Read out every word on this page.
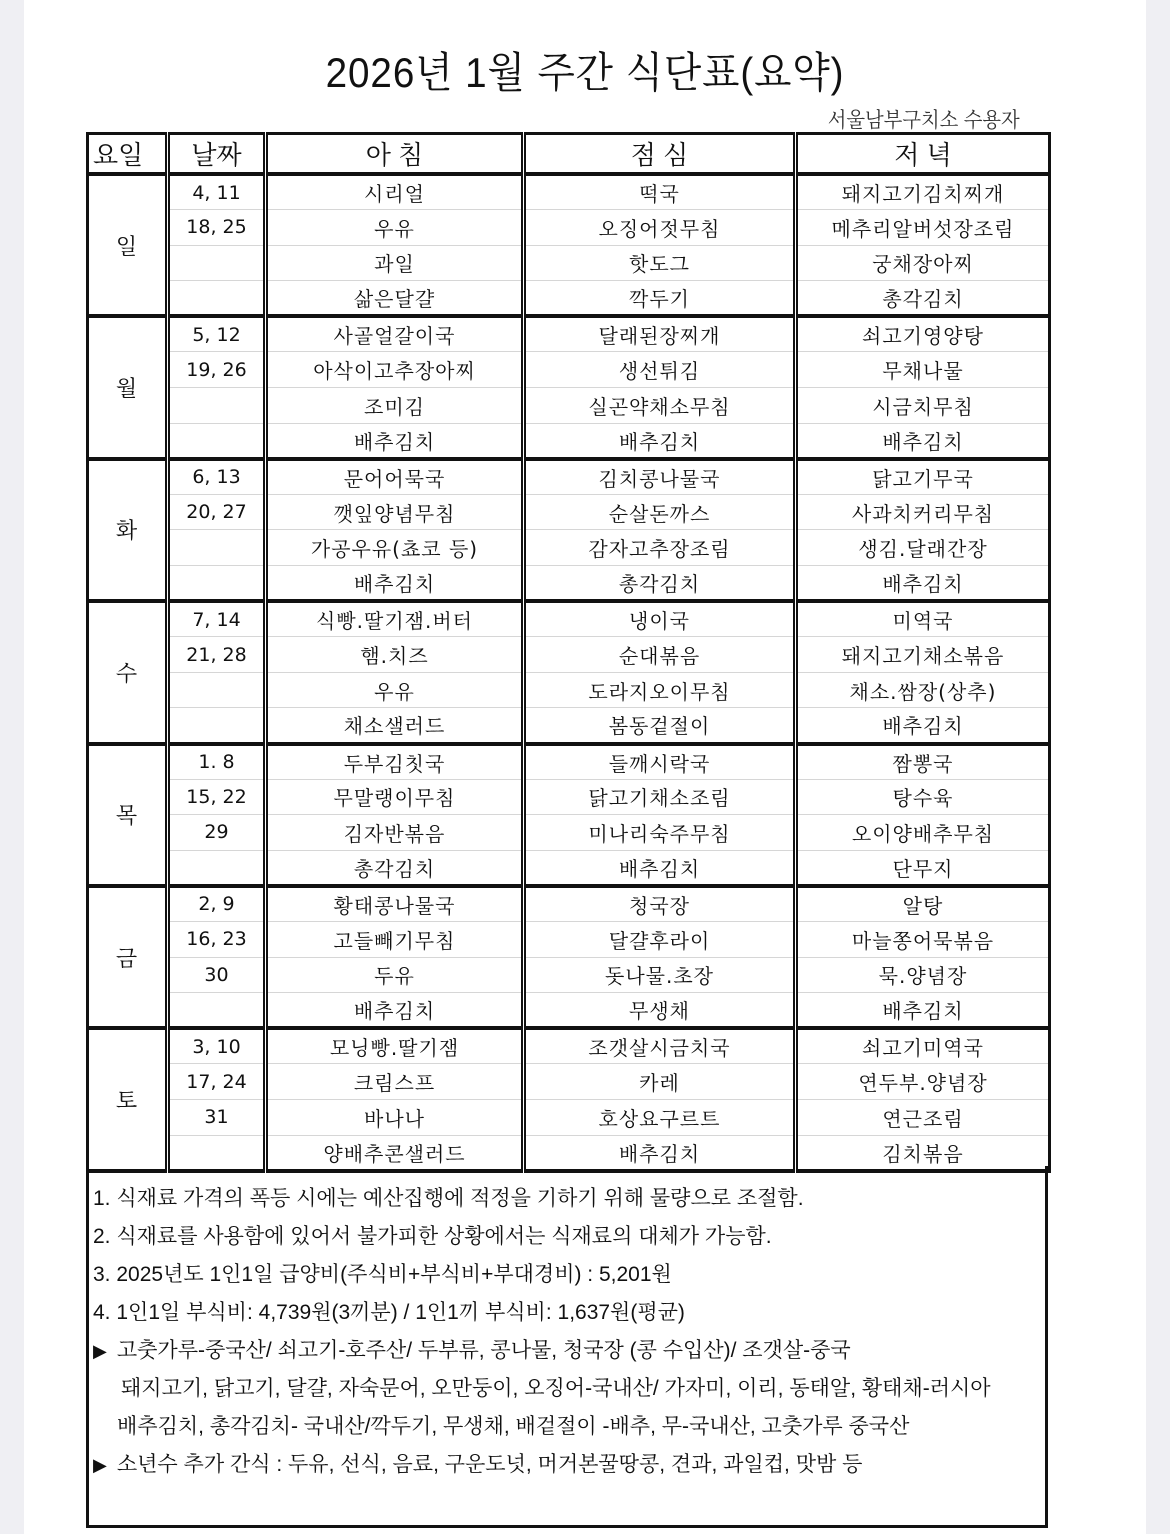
2026년 1월 주간 식단표(요약)
서울남부구치소 수용자
요일	날짜	아 침	점 심	저 녁
일	4, 11	시리얼	떡국	돼지고기김치찌개
	18, 25	우유	오징어젓무침	메추리알버섯장조림
		과일	핫도그	궁채장아찌
		삶은달걀	깍두기	총각김치
월	5, 12	사골얼갈이국	달래된장찌개	쇠고기영양탕
	19, 26	아삭이고추장아찌	생선튀김	무채나물
		조미김	실곤약채소무침	시금치무침
		배추김치	배추김치	배추김치
화	6, 13	문어어묵국	김치콩나물국	닭고기무국
	20, 27	깻잎양념무침	순살돈까스	사과치커리무침
		가공우유(쵸코 등)	감자고추장조림	생김.달래간장
		배추김치	총각김치	배추김치
수	7, 14	식빵.딸기잼.버터	냉이국	미역국
	21, 28	햄.치즈	순대볶음	돼지고기채소볶음
		우유	도라지오이무침	채소.쌈장(상추)
		채소샐러드	봄동겉절이	배추김치
목	1. 8	두부김칫국	들깨시락국	짬뽕국
	15, 22	무말랭이무침	닭고기채소조림	탕수육
	29	김자반볶음	미나리숙주무침	오이양배추무침
		총각김치	배추김치	단무지
금	2, 9	황태콩나물국	청국장	알탕
	16, 23	고들빼기무침	달걀후라이	마늘쫑어묵볶음
	30	두유	돗나물.초장	묵.양념장
		배추김치	무생채	배추김치
토	3, 10	모닝빵.딸기잼	조갯살시금치국	쇠고기미역국
	17, 24	크림스프	카레	연두부.양념장
	31	바나나	호상요구르트	연근조림
		양배추콘샐러드	배추김치	김치볶음
1. 식재료 가격의 폭등 시에는 예산집행에 적정을 기하기 위해 물량으로 조절함.
2. 식재료를 사용함에 있어서 불가피한 상황에서는 식재료의 대체가 가능함.
3. 2025년도 1인1일 급양비(주식비+부식비+부대경비) : 5,201원
4. 1인1일 부식비: 4,739원(3끼분) / 1인1끼 부식비: 1,637원(평균)
▶ 고춧가루-중국산/ 쇠고기-호주산/ 두부류, 콩나물, 청국장 (콩 수입산)/ 조갯살-중국
돼지고기, 닭고기, 달걀, 자숙문어, 오만둥이, 오징어-국내산/ 가자미, 이리, 동태알, 황태채-러시아
배추김치, 총각김치- 국내산/깍두기, 무생채, 배겉절이 -배추, 무-국내산, 고춧가루 중국산
▶ 소년수 추가 간식 : 두유, 선식, 음료, 구운도넛, 머거본꿀땅콩, 견과, 과일컵, 맛밤 등
